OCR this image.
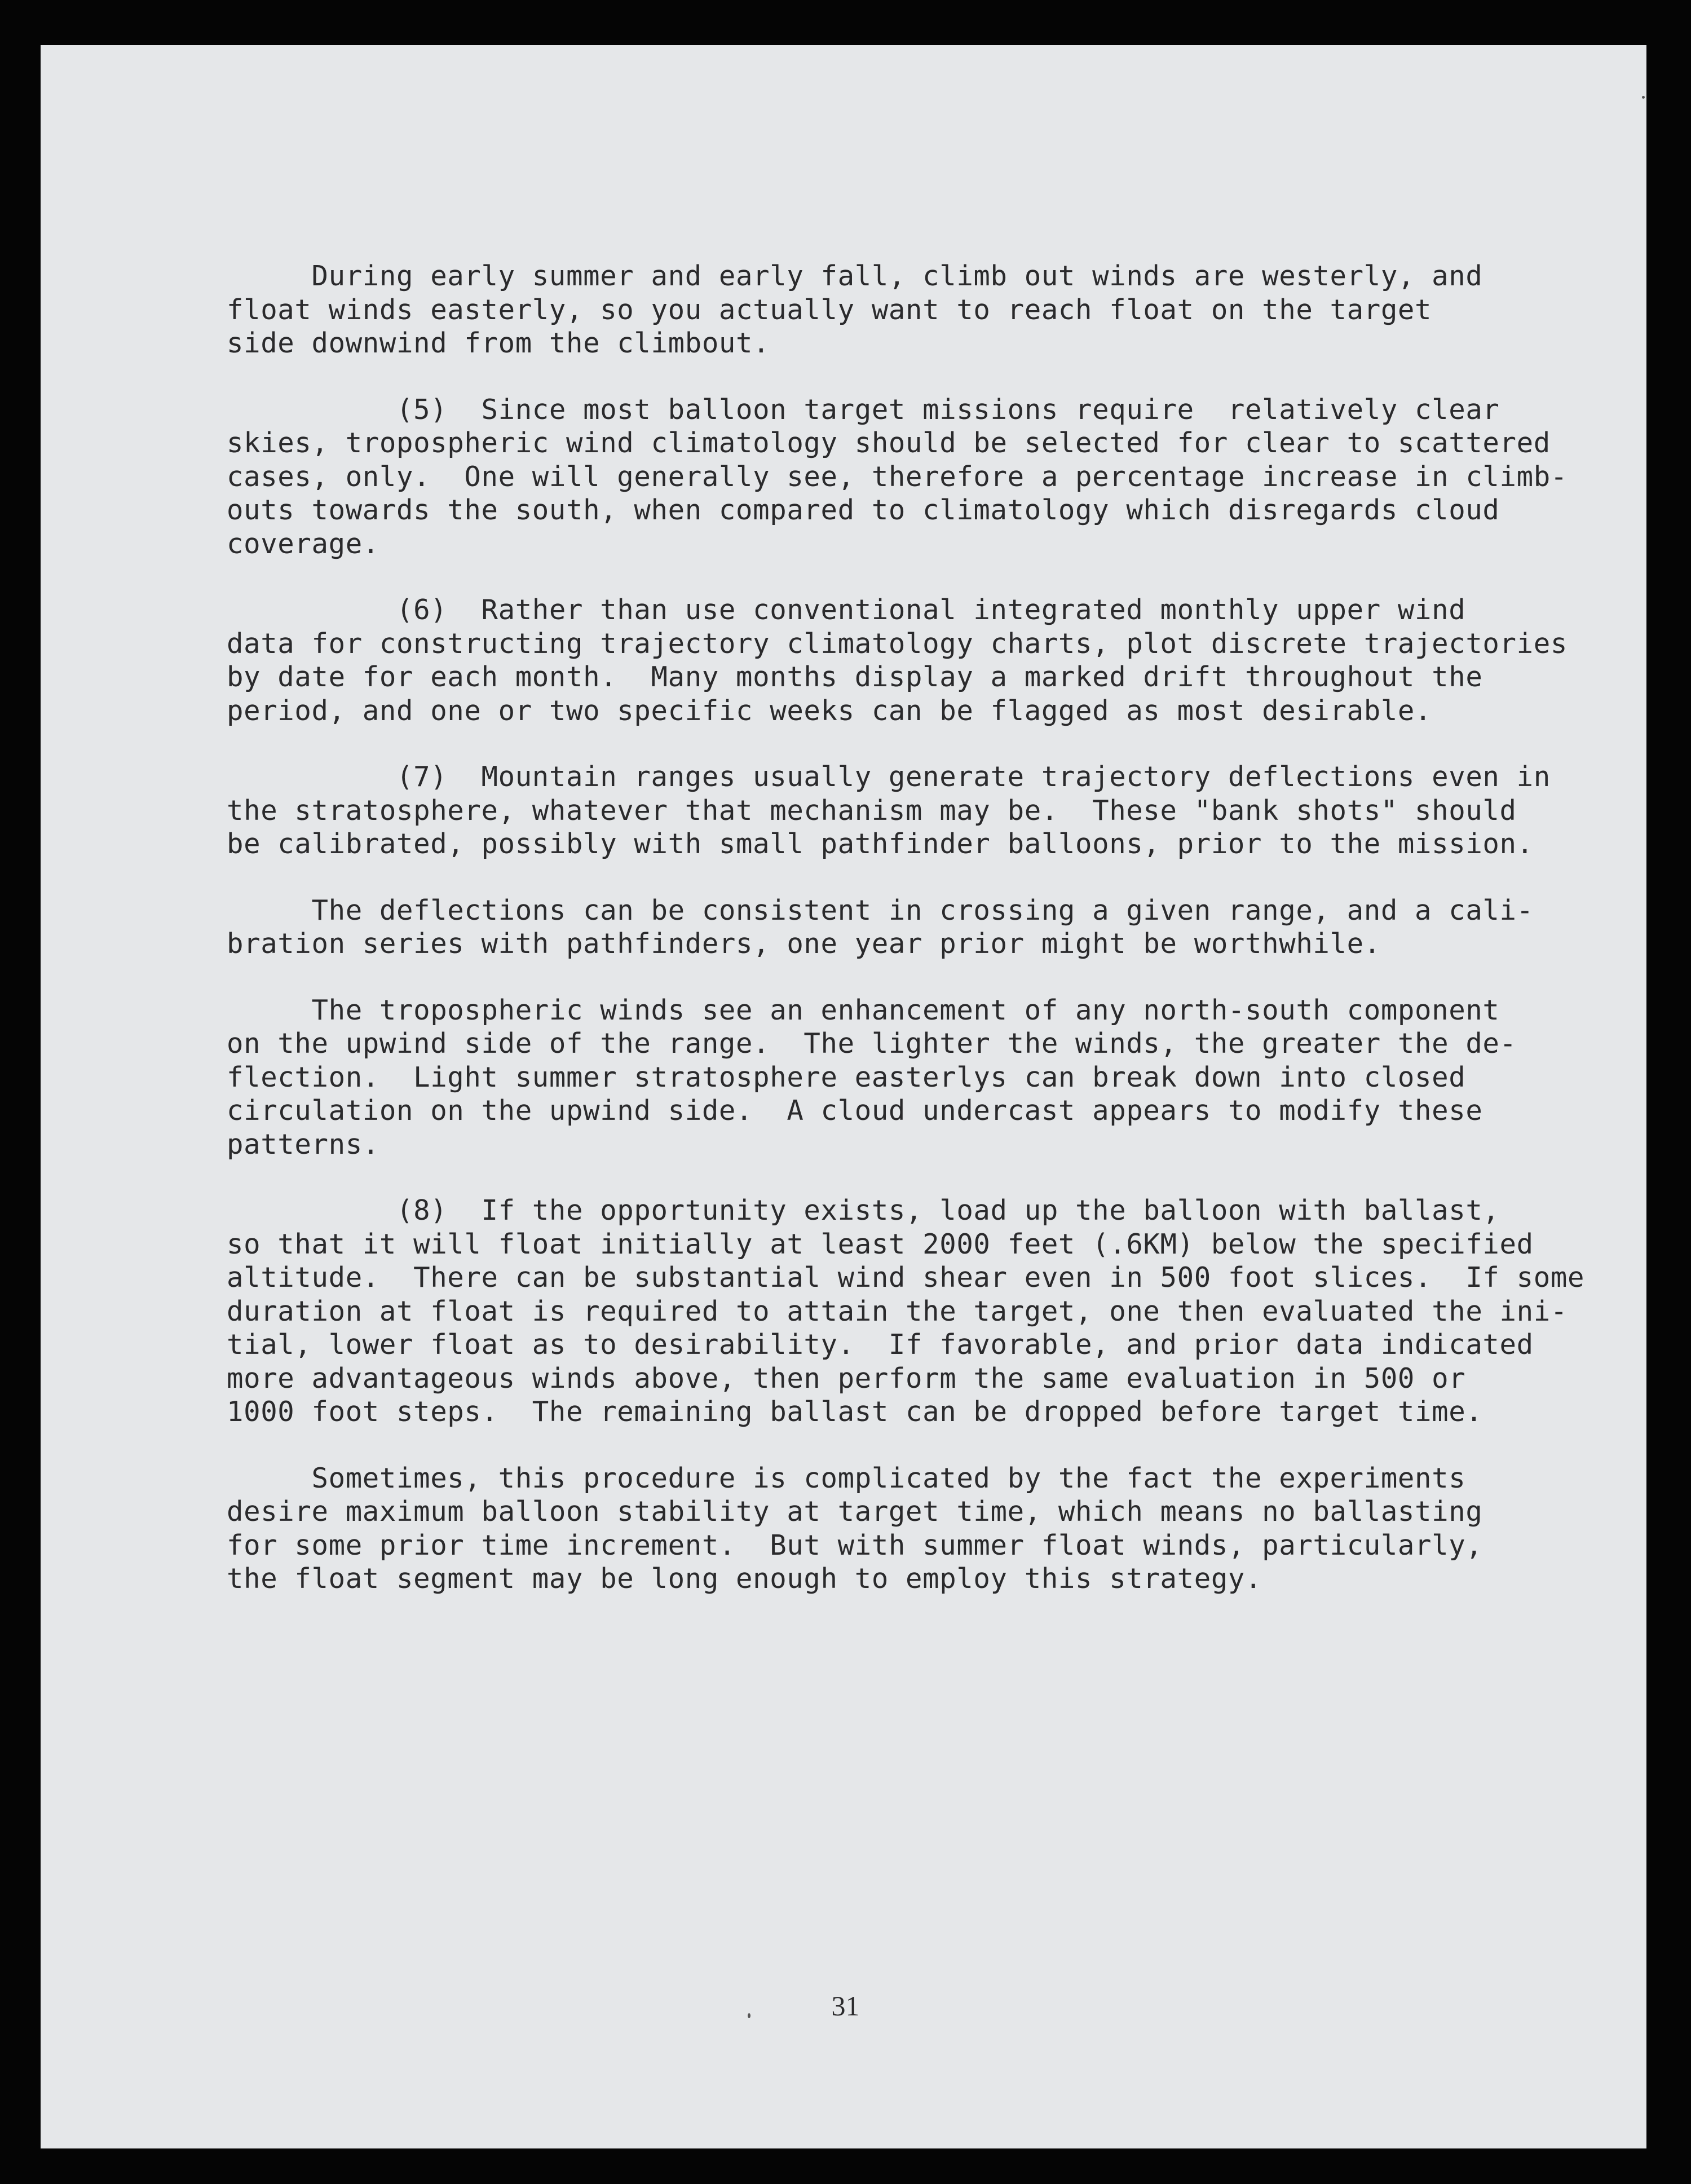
During early summer and early fall, climb out winds are westerly, and
float winds easterly, so you actually want to reach float on the target
side downwind from the climbout.

(5)  Since most balloon target missions require  relatively clear
skies, tropospheric wind climatology should be selected for clear to scattered
cases, only.  One will generally see, therefore a percentage increase in climb-
outs towards the south, when compared to climatology which disregards cloud
coverage.

(6)  Rather than use conventional integrated monthly upper wind
data for constructing trajectory climatology charts, plot discrete trajectories
by date for each month.  Many months display a marked drift throughout the
period, and one or two specific weeks can be flagged as most desirable.

(7)  Mountain ranges usually generate trajectory deflections even in
the stratosphere, whatever that mechanism may be.  These "bank shots" should
be calibrated, possibly with small pathfinder balloons, prior to the mission.

The deflections can be consistent in crossing a given range, and a cali-
bration series with pathfinders, one year prior might be worthwhile.

The tropospheric winds see an enhancement of any north-south component
on the upwind side of the range.  The lighter the winds, the greater the de-
flection.  Light summer stratosphere easterlys can break down into closed
circulation on the upwind side.  A cloud undercast appears to modify these
patterns.

(8)  If the opportunity exists, load up the balloon with ballast,
so that it will float initially at least 2000 feet (.6KM) below the specified
altitude.  There can be substantial wind shear even in 500 foot slices.  If some
duration at float is required to attain the target, one then evaluated the ini-
tial, lower float as to desirability.  If favorable, and prior data indicated
more advantageous winds above, then perform the same evaluation in 500 or
1000 foot steps.  The remaining ballast can be dropped before target time.

Sometimes, this procedure is complicated by the fact the experiments
desire maximum balloon stability at target time, which means no ballasting
for some prior time increment.  But with summer float winds, particularly,
the float segment may be long enough to employ this strategy.

31
